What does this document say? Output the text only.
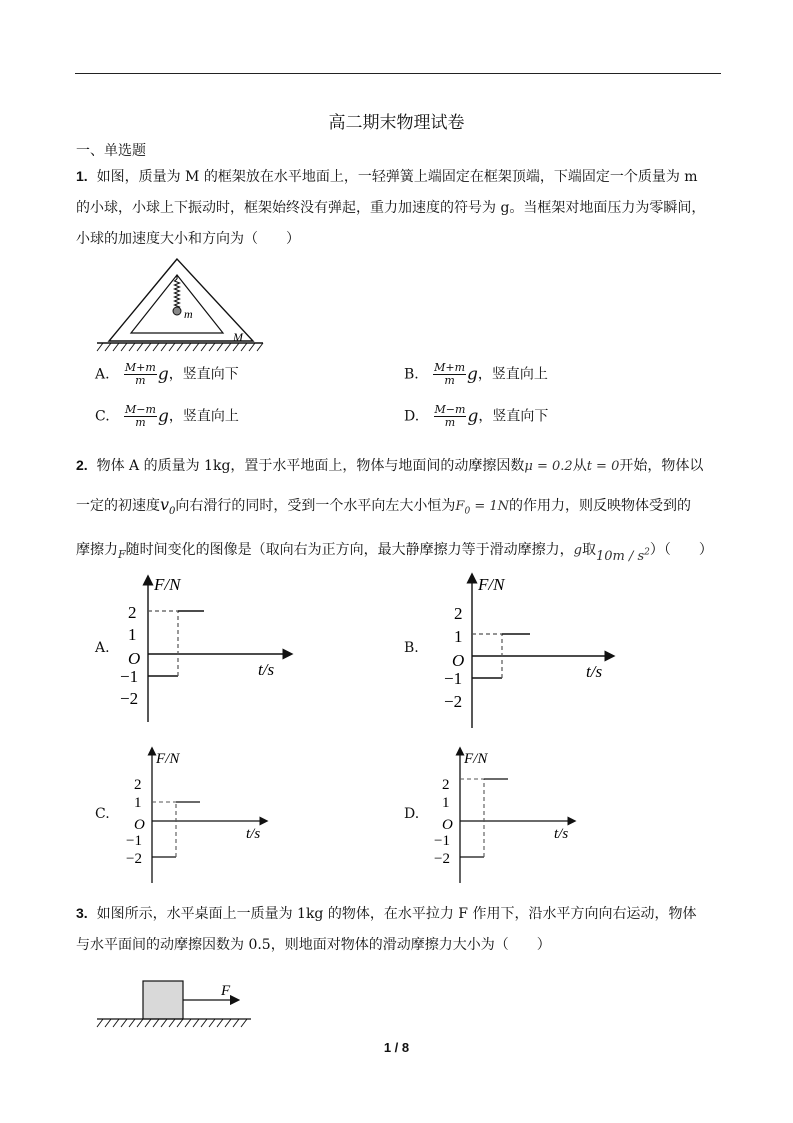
高二期末物理试卷
一、单选题
1. 如图，质量为 M 的框架放在水平地面上，一轻弹簧上端固定在框架顶端，下端固定一个质量为 m
的小球，小球上下振动时，框架始终没有弹起，重力加速度的符号为 g。当框架对地面压力为零瞬间，
小球的加速度大小和方向为（　　）
m
M
A. $\frac{M+m}{m}$ g，竖直向下	B. $\frac{M+m}{m}$ g，竖直向上
C. $\frac{M-m}{m}$ g，竖直向上	D. $\frac{M-m}{m}$ g，竖直向下
2. 物体 A 的质量为 1kg，置于水平地面上，物体与地面间的动摩擦因数μ = 0.2从t = 0开始，物体以
一定的初速度$v_0$向右滑行的同时，受到一个水平向左大小恒为$F_0 = 1N$的作用力，则反映物体受到的
摩擦力$_F$随时间变化的图像是（取向右为正方向，最大静摩擦力等于滑动摩擦力，g取$10m / s^2$）（　　）
A.
F/N
t/s
O
2
1
−1
−2
B.
F/N
t/s
O
2
1
−1
−2
C.
F/N
t/s
O
2
1
−1
−2
D.
F/N
t/s
O
2
1
−1
−2
3. 如图所示，水平桌面上一质量为 1kg 的物体，在水平拉力 F 作用下，沿水平方向向右运动，物体
与水平面间的动摩擦因数为 0.5，则地面对物体的滑动摩擦力大小为（　　）
F
1 / 8
